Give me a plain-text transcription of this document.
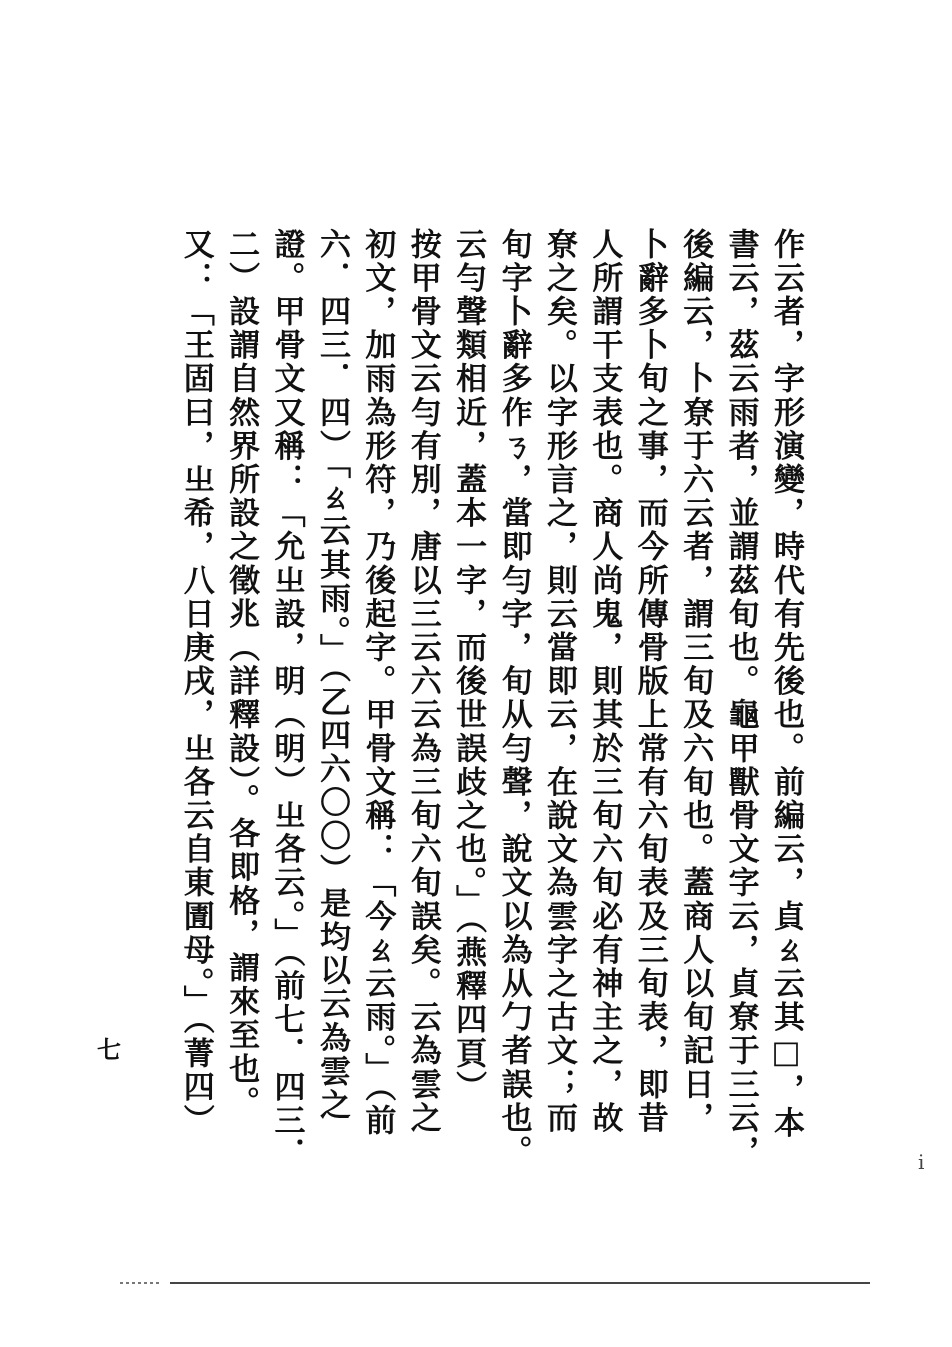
作云者，字形演變，時代有先後也。前編云，貞ㄠ云其□，本
書云，茲云雨者，並謂茲旬也。龜甲獸骨文字云，貞尞于三云，
後編云，卜尞于六云者，謂三旬及六旬也。蓋商人以旬記日，
卜辭多卜旬之事，而今所傳骨版上常有六旬表及三旬表，即昔
人所謂干支表也。商人尚鬼，則其於三旬六旬必有神主之，故
尞之矣。以字形言之，則云當即云，在說文為雲字之古文；而
旬字卜辭多作ㄋ，當即勻字，旬从勻聲，說文以為从勹者誤也。
云勻聲類相近，蓋本一字，而後世誤歧之也。」（燕釋四頁）
按甲骨文云勻有別，唐以三云六云為三旬六旬誤矣。云為雲之
初文，加雨為形符，乃後起字。甲骨文稱：「今ㄠ云雨。」（前
六．四三．四）「ㄠ云其雨。」（乙四六〇〇）是均以云為雲之
證。甲骨文又稱：「允㞢設，明（明）㞢各云。」（前七．四三．
二）設謂自然界所設之徵兆（詳釋設）。各即格，謂來至也。
又：「王固曰，㞢希，八日庚戌，㞢各云自東圊母。」（菁四）
七
ⅰ
